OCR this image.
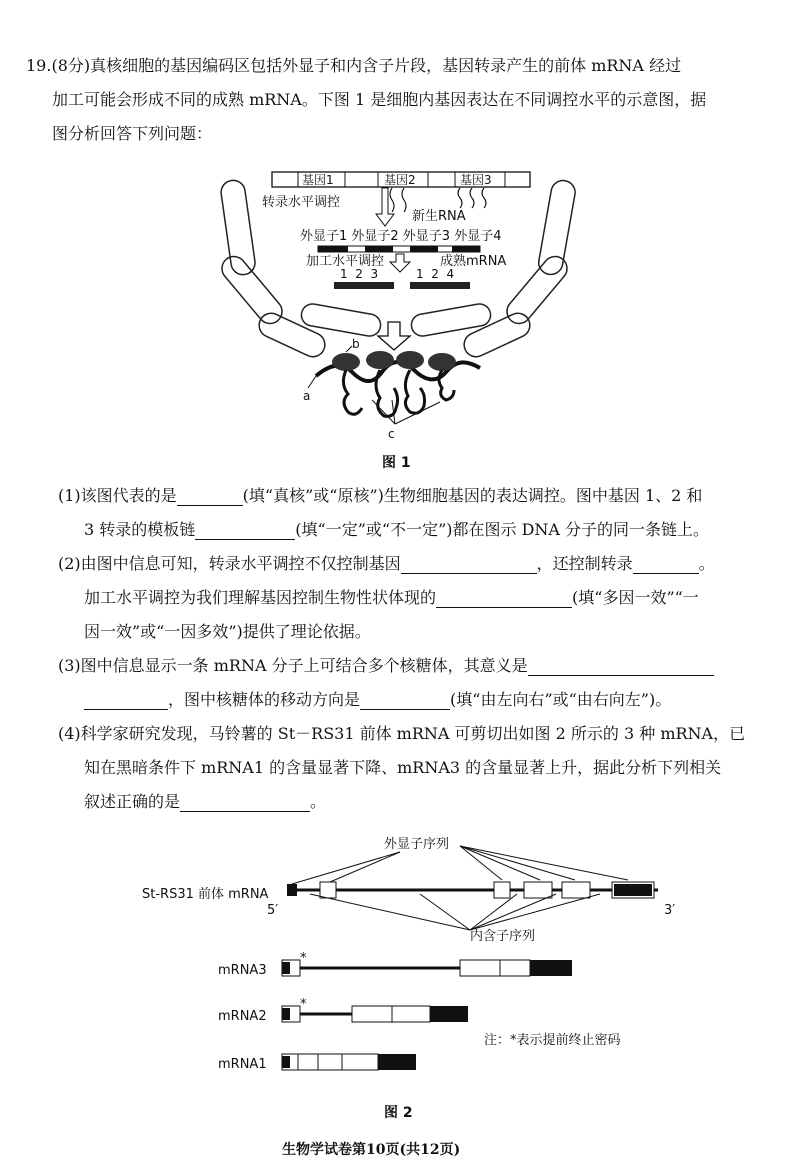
19.(8分)真核细胞的基因编码区包括外显子和内含子片段，基因转录产生的前体 mRNA 经过
加工可能会形成不同的成熟 mRNA。下图 1 是细胞内基因表达在不同调控水平的示意图，据
图分析回答下列问题：
基因1	基因2	基因3
转录水平调控
新生RNA
外显子1 外显子2 外显子3 外显子4
加工水平调控	成熟mRNA
1  2  3	1  2  4
a
b
c
图 1
(1)该图代表的是	(填“真核”或“原核”)生物细胞基因的表达调控。图中基因 1、2 和
3 转录的模板链	(填“一定”或“不一定”)都在图示 DNA 分子的同一条链上。
(2)由图中信息可知，转录水平调控不仅控制基因	，还控制转录	。
加工水平调控为我们理解基因控制生物性状体现的	(填“多因一效”“一
因一效”或“一因多效”)提供了理论依据。
(3)图中信息显示一条 mRNA 分子上可结合多个核糖体，其意义是
，图中核糖体的移动方向是	(填“由左向右”或“由右向左”)。
(4)科学家研究发现，马铃薯的 St－RS31 前体 mRNA 可剪切出如图 2 所示的 3 种 mRNA，已
知在黑暗条件下 mRNA1 的含量显著下降、mRNA3 的含量显著上升，据此分析下列相关
叙述正确的是	。
外显子序列
St-RS31 前体 mRNA
5′	3′
内含子序列
mRNA3
*
mRNA2
*
注：*表示提前终止密码
mRNA1
图 2
生物学试卷第10页(共12页)
